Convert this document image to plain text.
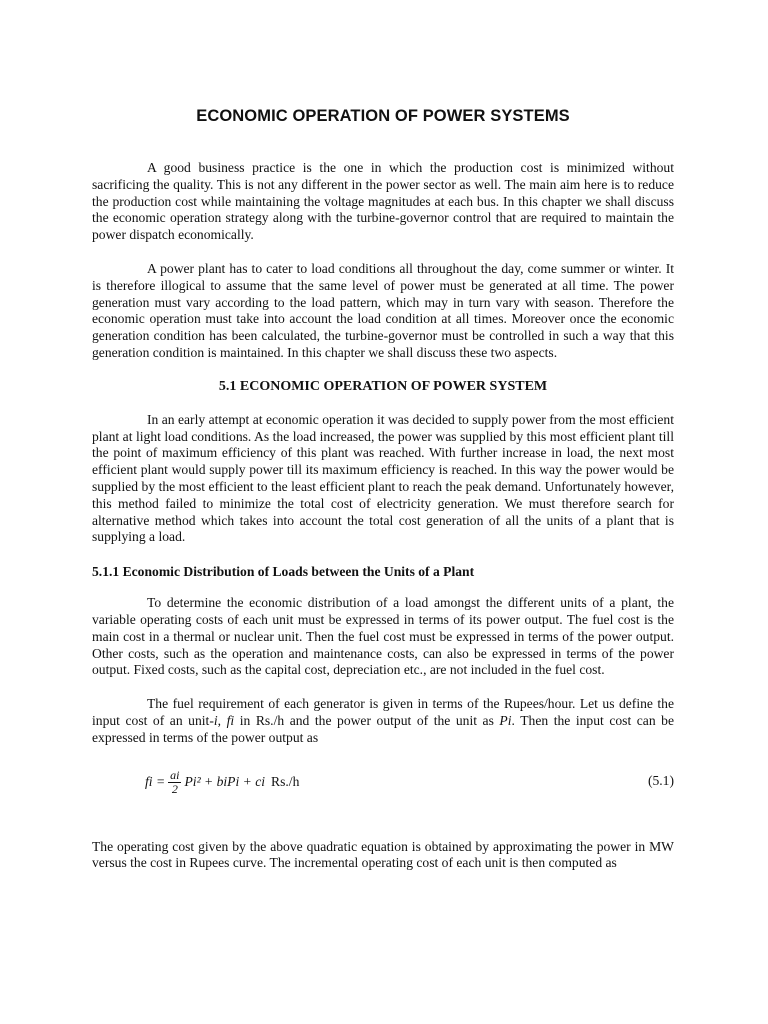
ECONOMIC OPERATION OF POWER SYSTEMS

A good business practice is the one in which the production cost is minimized without sacrificing the quality. This is not any different in the power sector as well. The main aim here is to reduce the production cost while maintaining the voltage magnitudes at each bus. In this chapter we shall discuss the economic operation strategy along with the turbine-governor control that are required to maintain the power dispatch economically.

A power plant has to cater to load conditions all throughout the day, come summer or winter. It is therefore illogical to assume that the same level of power must be generated at all time. The power generation must vary according to the load pattern, which may in turn vary with season. Therefore the economic operation must take into account the load condition at all times. Moreover once the economic generation condition has been calculated, the turbine-governor must be controlled in such a way that this generation condition is maintained. In this chapter we shall discuss these two aspects.

5.1 ECONOMIC OPERATION OF POWER SYSTEM

In an early attempt at economic operation it was decided to supply power from the most efficient plant at light load conditions. As the load increased, the power was supplied by this most efficient plant till the point of maximum efficiency of this plant was reached. With further increase in load, the next most efficient plant would supply power till its maximum efficiency is reached. In this way the power would be supplied by the most efficient to the least efficient plant to reach the peak demand. Unfortunately however, this method failed to minimize the total cost of electricity generation. We must therefore search for alternative method which takes into account the total cost generation of all the units of a plant that is supplying a load.

5.1.1 Economic Distribution of Loads between the Units of a Plant

To determine the economic distribution of a load amongst the different units of a plant, the variable operating costs of each unit must be expressed in terms of its power output. The fuel cost is the main cost in a thermal or nuclear unit. Then the fuel cost must be expressed in terms of the power output. Other costs, such as the operation and maintenance costs, can also be expressed in terms of the power output. Fixed costs, such as the capital cost, depreciation etc., are not included in the fuel cost.

The fuel requirement of each generator is given in terms of the Rupees/hour. Let us define the input cost of an unit-i, fi in Rs./h and the power output of the unit as Pi. Then the input cost can be expressed in terms of the power output as

fi = $\frac{ai}{2} Pi^2$ + biPi + ci Rs./h	(5.1)

The operating cost given by the above quadratic equation is obtained by approximating the power in MW versus the cost in Rupees curve. The incremental operating cost of each unit is then computed as
